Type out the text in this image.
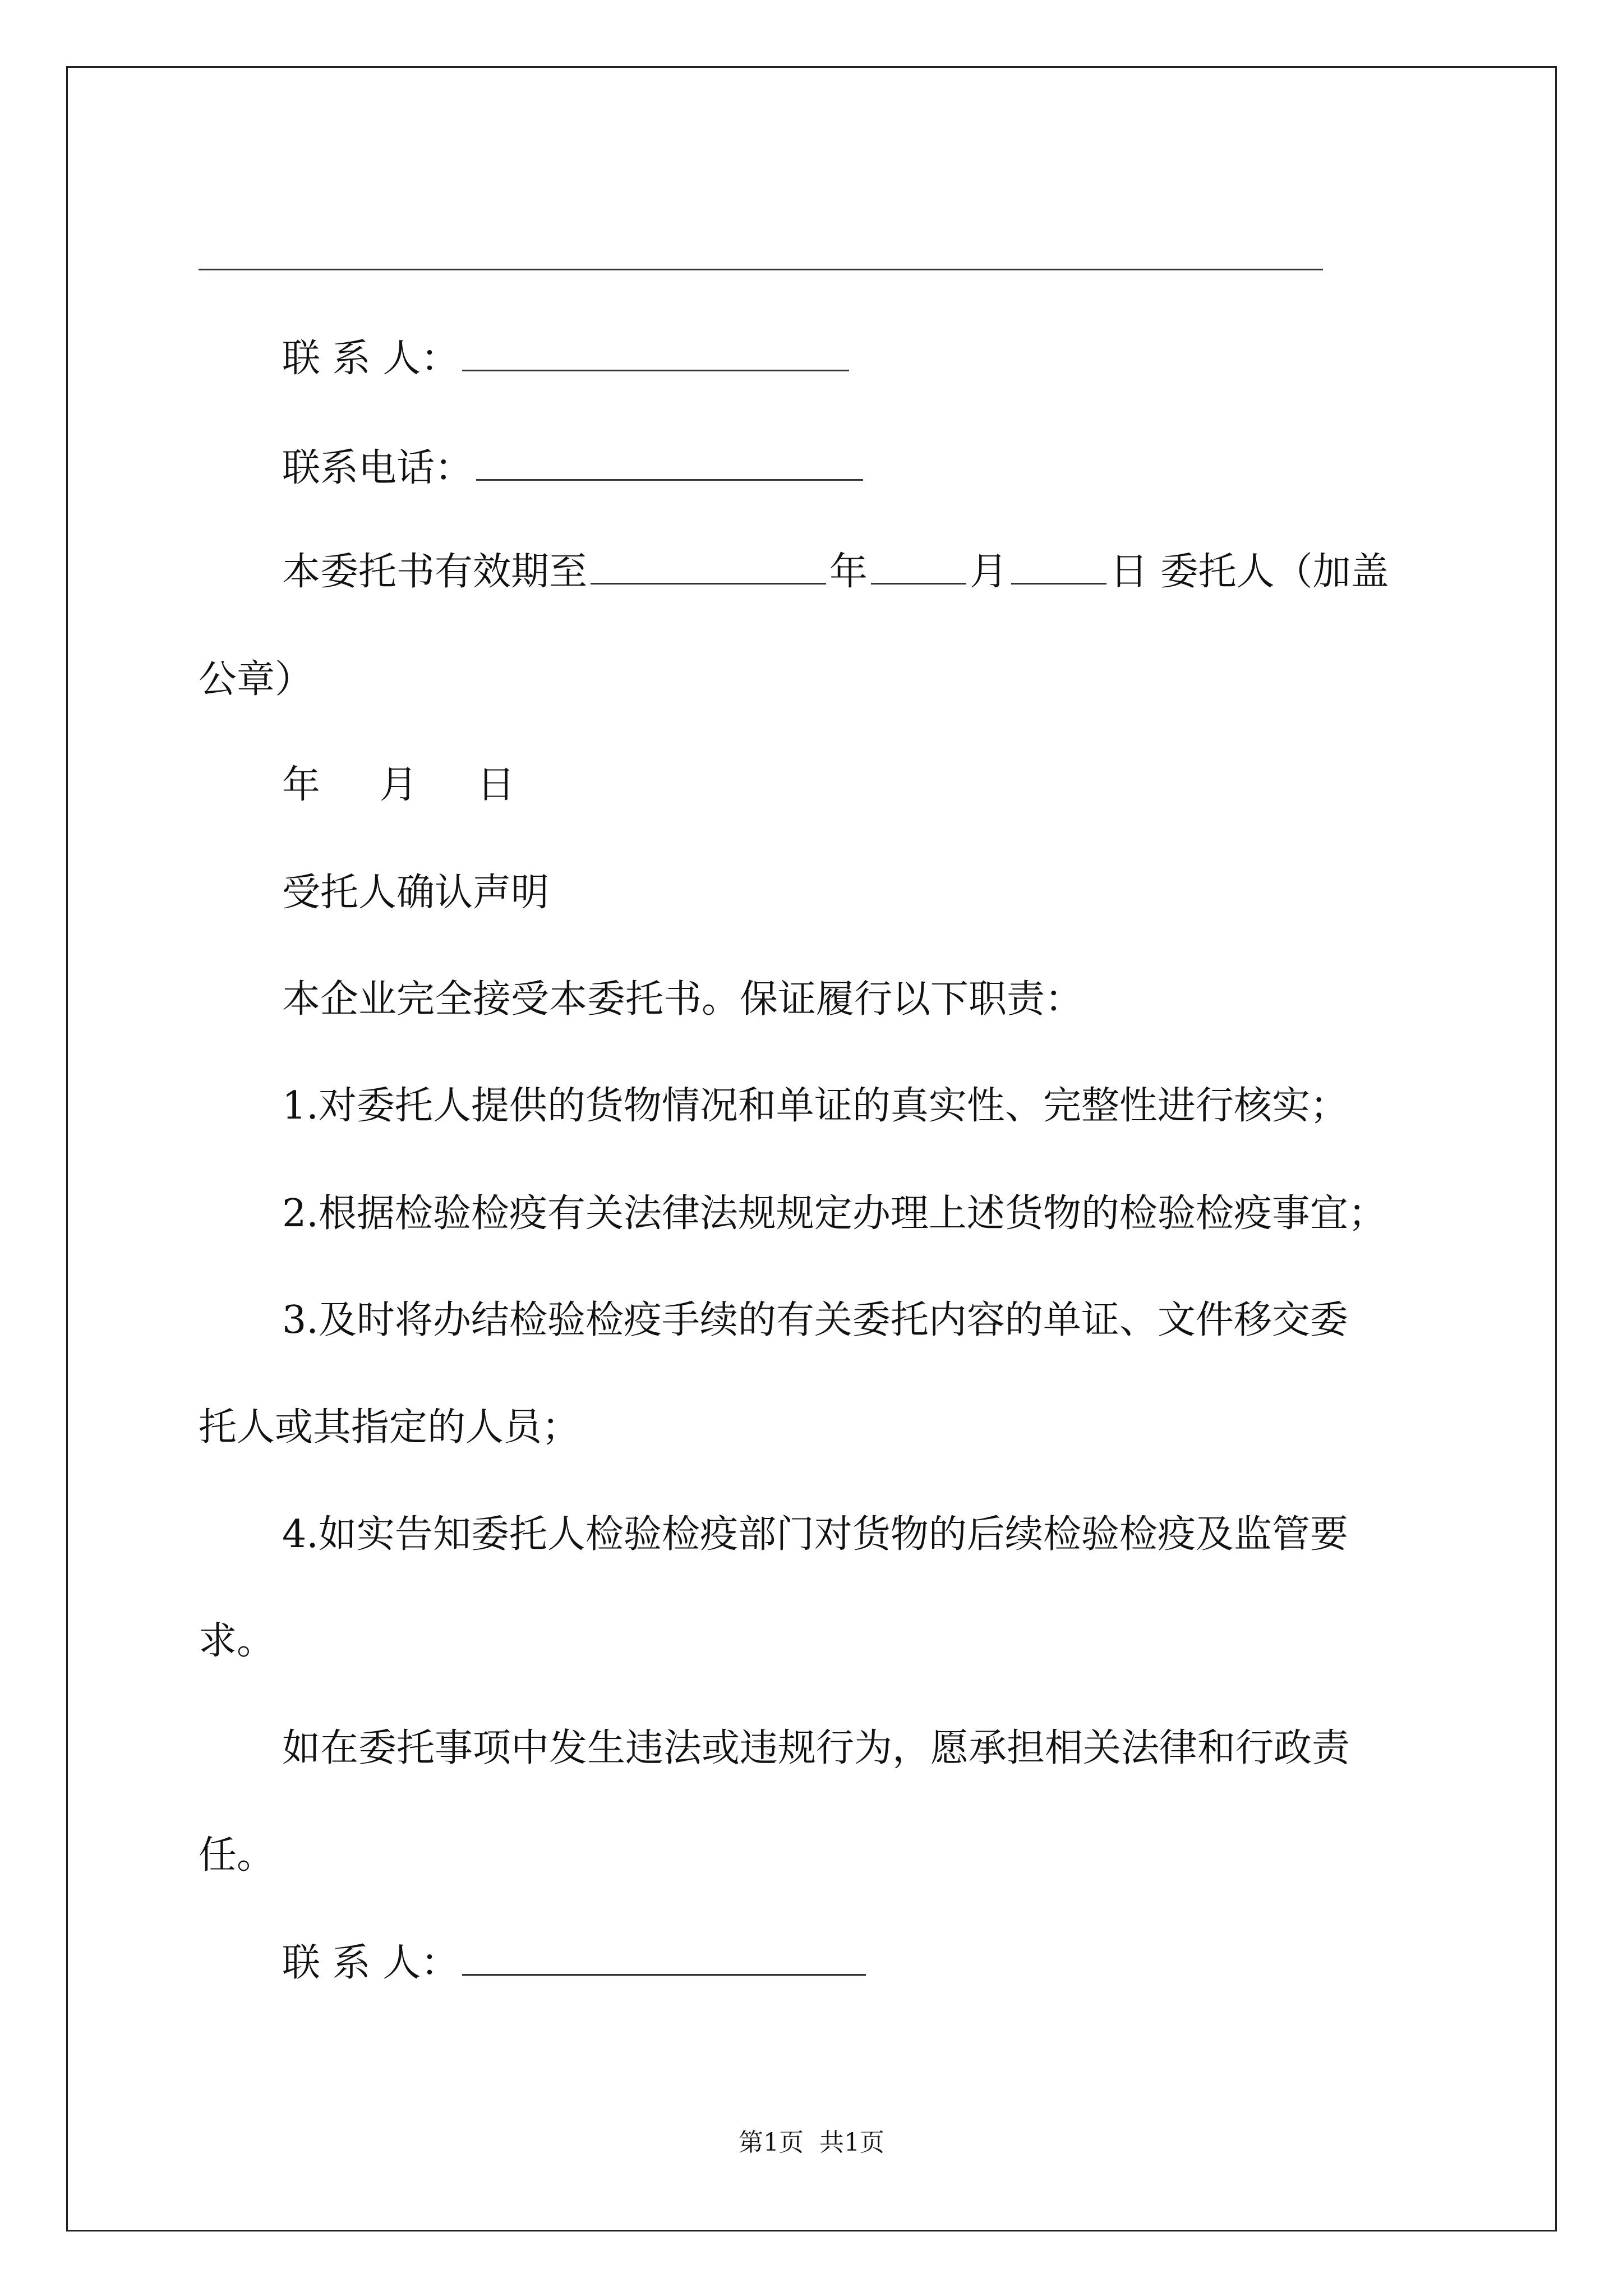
联 系 人：
联系电话：
本委托书有效期至	年	月	日 委托人（加盖
公章）
年 月 日
受托人确认声明
本企业完全接受本委托书。保证履行以下职责：
1.对委托人提供的货物情况和单证的真实性、完整性进行核实；
2.根据检验检疫有关法律法规规定办理上述货物的检验检疫事宜；
3.及时将办结检验检疫手续的有关委托内容的单证、文件移交委
托人或其指定的人员；
4.如实告知委托人检验检疫部门对货物的后续检验检疫及监管要
求。
如在委托事项中发生违法或违规行为，愿承担相关法律和行政责
任。
联 系 人：
第1页 共1页
